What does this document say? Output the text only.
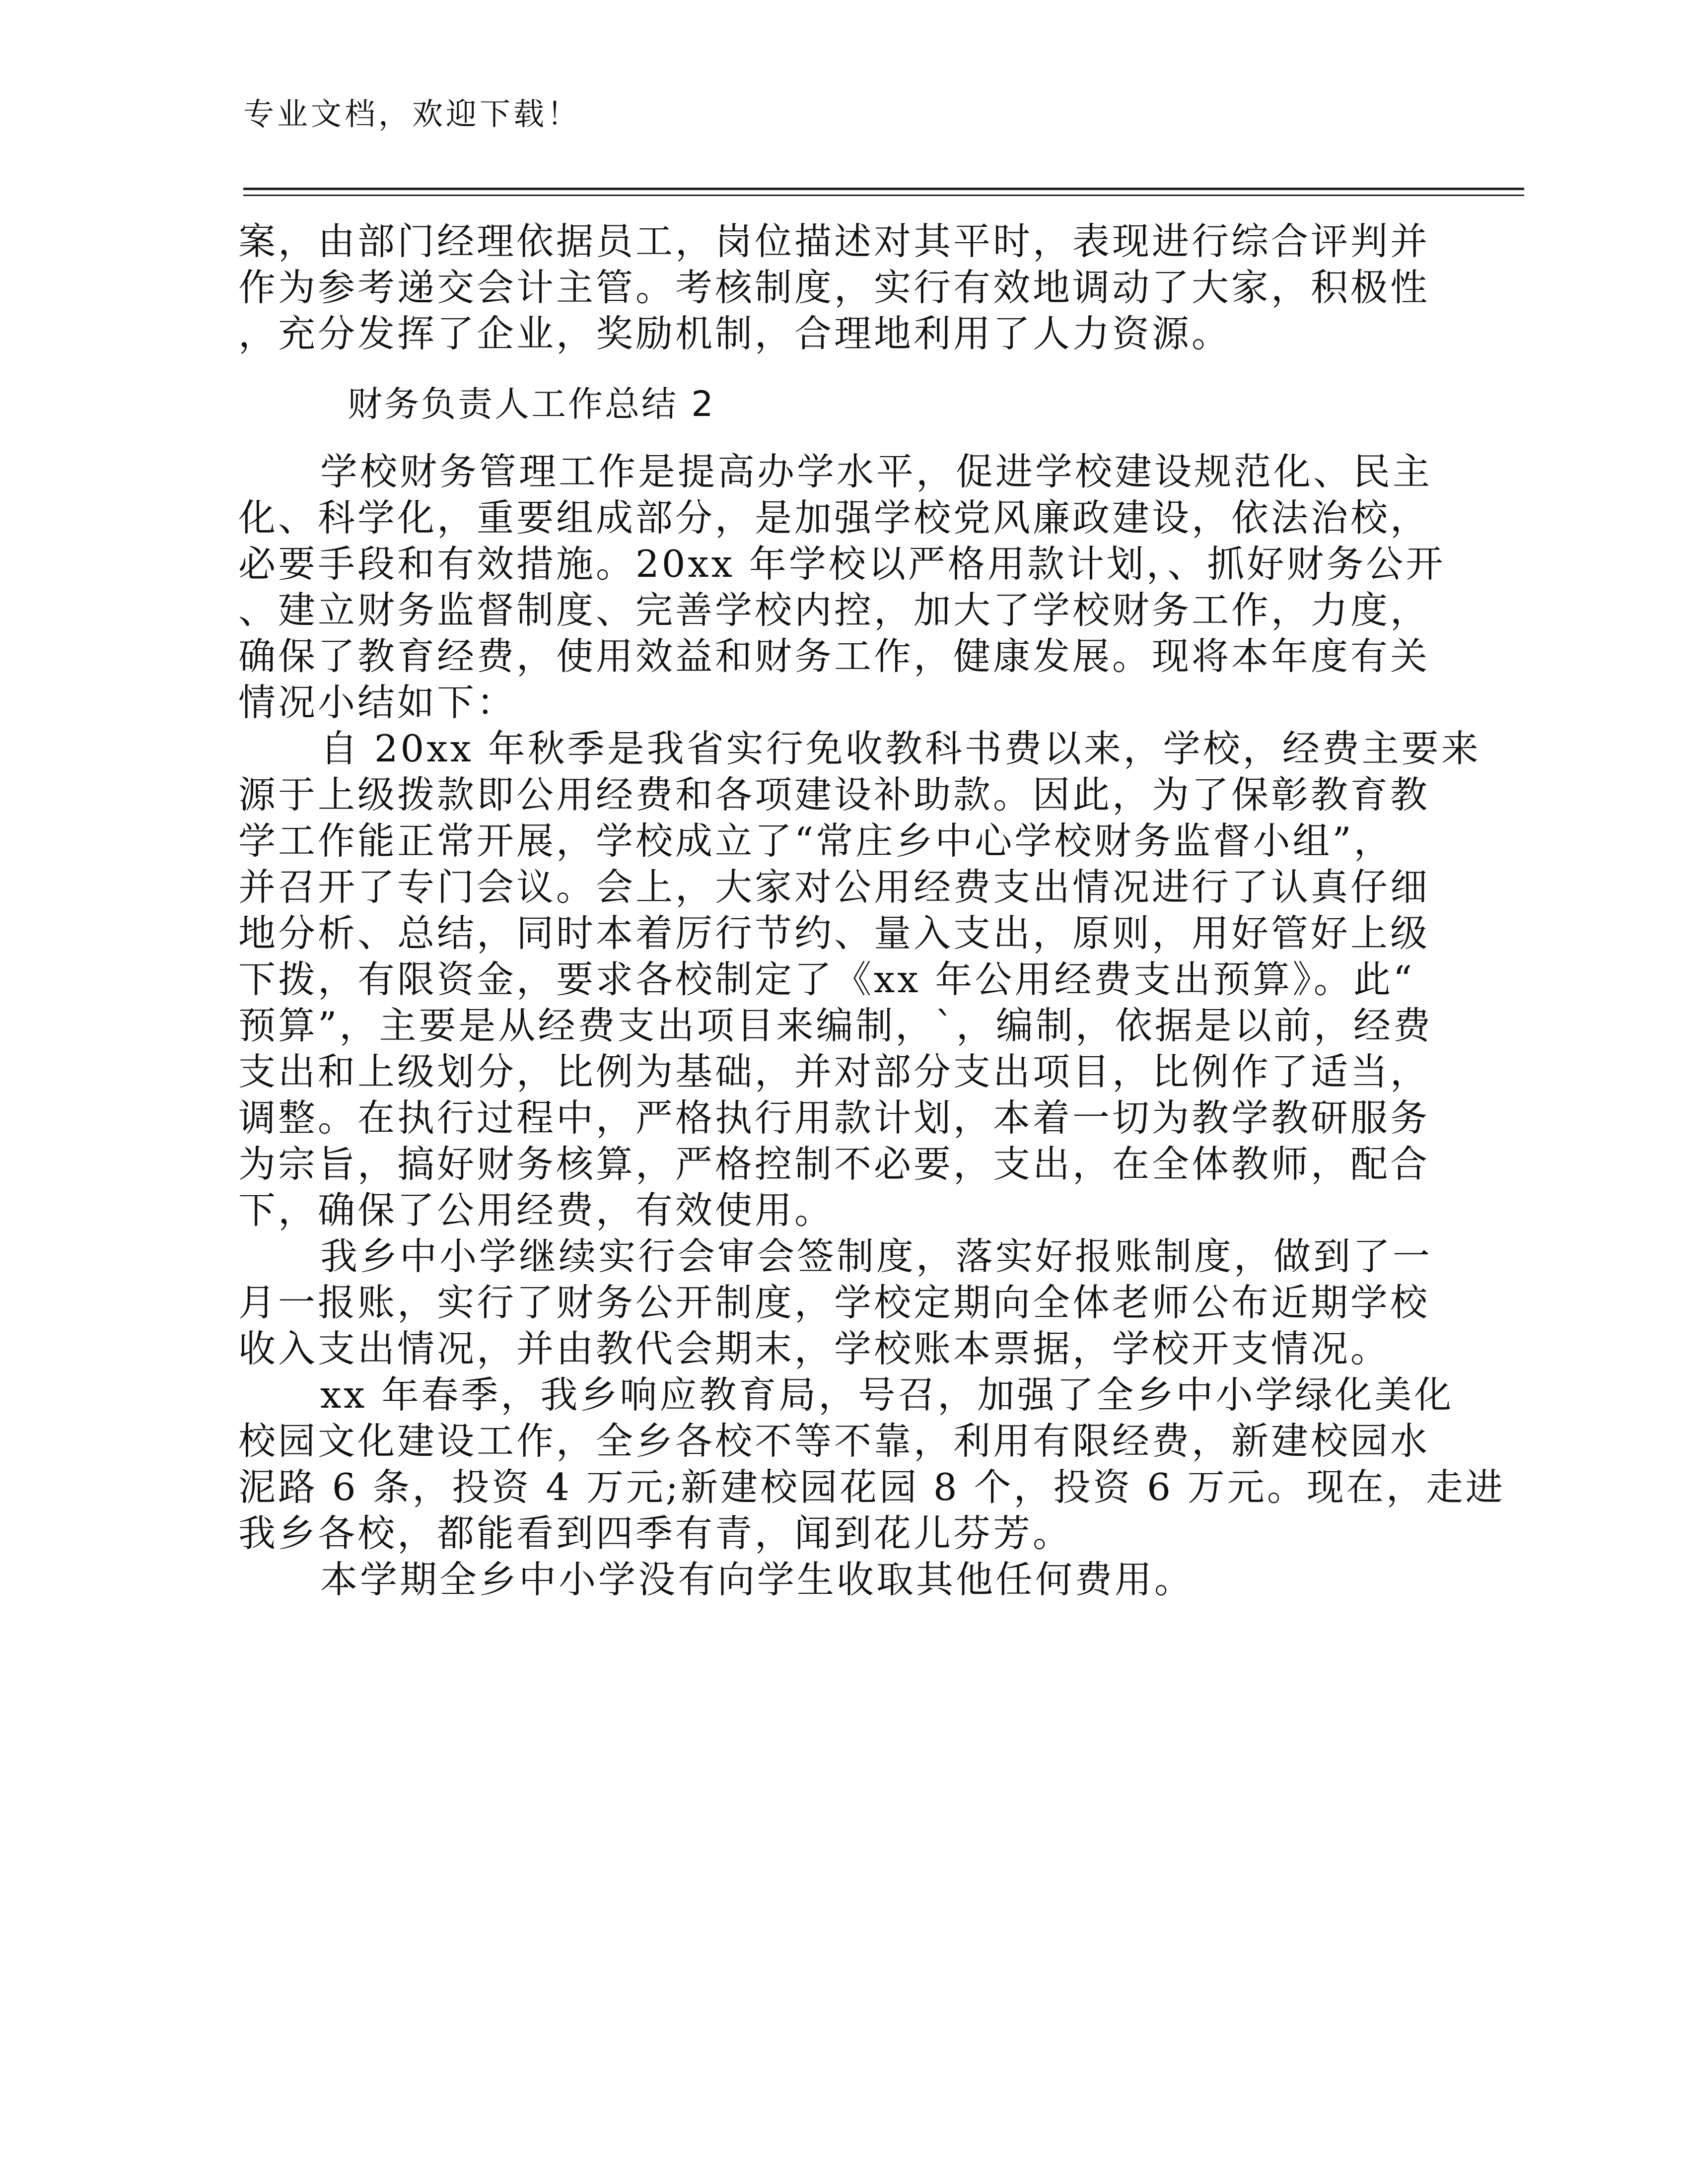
专业文档，欢迎下载！
案，由部门经理依据员工，岗位描述对其平时，表现进行综合评判并
作为参考递交会计主管。考核制度，实行有效地调动了大家，积极性
，充分发挥了企业，奖励机制，合理地利用了人力资源。
财务负责人工作总结 2
学校财务管理工作是提高办学水平，促进学校建设规范化、民主
化、科学化，重要组成部分，是加强学校党风廉政建设，依法治校，
必要手段和有效措施。20xx 年学校以严格用款计划，、抓好财务公开
、建立财务监督制度、完善学校内控，加大了学校财务工作，力度，
确保了教育经费，使用效益和财务工作，健康发展。现将本年度有关
情况小结如下：
自 20xx 年秋季是我省实行免收教科书费以来，学校，经费主要来
源于上级拨款即公用经费和各项建设补助款。因此，为了保彰教育教
学工作能正常开展，学校成立了“常庄乡中心学校财务监督小组”，
并召开了专门会议。会上，大家对公用经费支出情况进行了认真仔细
地分析、总结，同时本着厉行节约、量入支出，原则，用好管好上级
下拨，有限资金，要求各校制定了《xx 年公用经费支出预算》。此“
预算”，主要是从经费支出项目来编制，`，编制，依据是以前，经费
支出和上级划分，比例为基础，并对部分支出项目，比例作了适当，
调整。在执行过程中，严格执行用款计划，本着一切为教学教研服务
为宗旨，搞好财务核算，严格控制不必要，支出，在全体教师，配合
下，确保了公用经费，有效使用。
我乡中小学继续实行会审会签制度，落实好报账制度，做到了一
月一报账，实行了财务公开制度，学校定期向全体老师公布近期学校
收入支出情况，并由教代会期末，学校账本票据，学校开支情况。
xx 年春季，我乡响应教育局，号召，加强了全乡中小学绿化美化
校园文化建设工作，全乡各校不等不靠，利用有限经费，新建校园水
泥路 6 条，投资 4 万元;新建校园花园 8 个，投资 6 万元。现在，走进
我乡各校，都能看到四季有青，闻到花儿芬芳。
本学期全乡中小学没有向学生收取其他任何费用。
